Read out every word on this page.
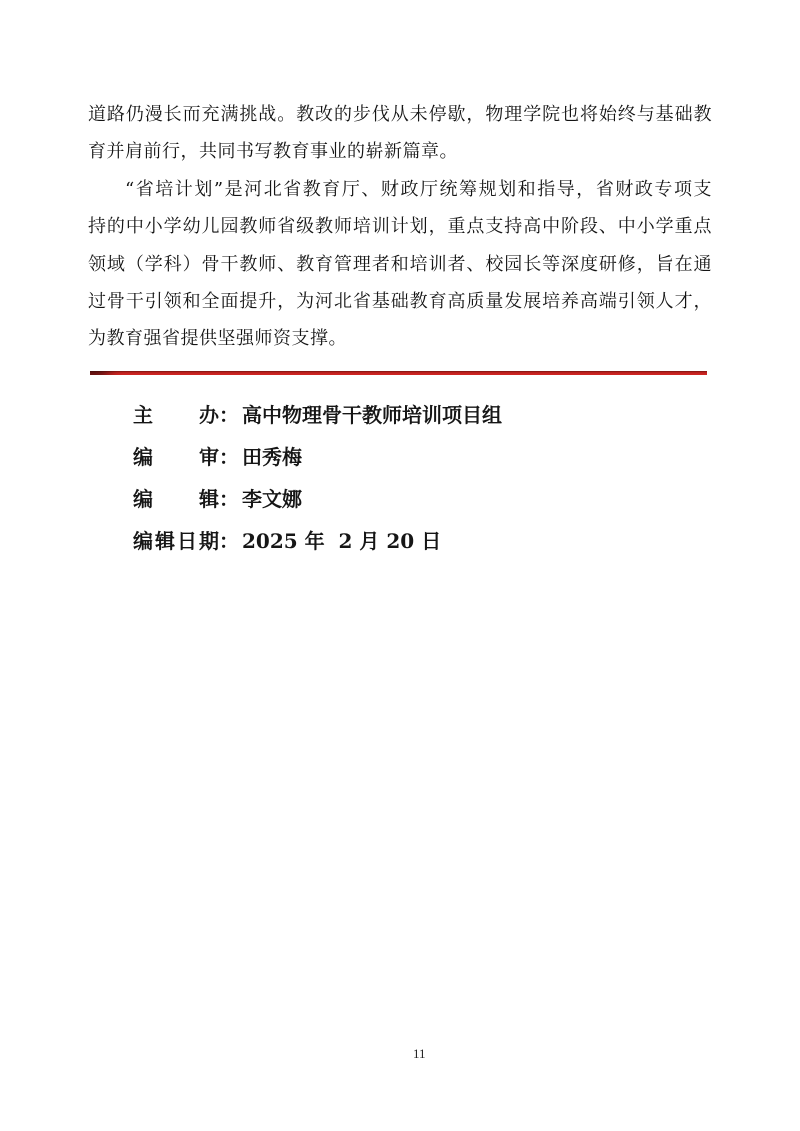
道路仍漫长而充满挑战。教改的步伐从未停歇，物理学院也将始终与基础教
育并肩前行，共同书写教育事业的崭新篇章。
“省培计划”是河北省教育厅、财政厅统筹规划和指导，省财政专项支
持的中小学幼儿园教师省级教师培训计划，重点支持高中阶段、中小学重点
领域（学科）骨干教师、教育管理者和培训者、校园长等深度研修，旨在通
过骨干引领和全面提升，为河北省基础教育高质量发展培养高端引领人才，
为教育强省提供坚强师资支撑。
主 办 ： 高中物理骨干教师培训项目组
编 审 ： 田秀梅
编 辑 ： 李文娜
编 辑 日 期 ： 2025 年  2 月 20 日
11
